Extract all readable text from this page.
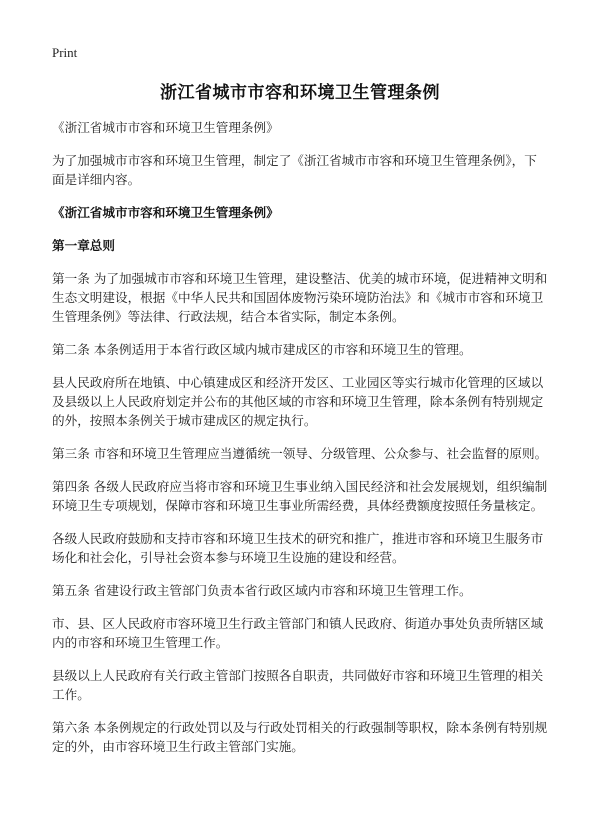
Print
浙江省城市市容和环境卫生管理条例

《浙江省城市市容和环境卫生管理条例》

为了加强城市市容和环境卫生管理，制定了《浙江省城市市容和环境卫生管理条例》，下面是详细内容。

《浙江省城市市容和环境卫生管理条例》

第一章总则

第一条 为了加强城市市容和环境卫生管理，建设整洁、优美的城市环境，促进精神文明和生态文明建设，根据《中华人民共和国固体废物污染环境防治法》和《城市市容和环境卫生管理条例》等法律、行政法规，结合本省实际，制定本条例。

第二条 本条例适用于本省行政区域内城市建成区的市容和环境卫生的管理。

县人民政府所在地镇、中心镇建成区和经济开发区、工业园区等实行城市化管理的区域以及县级以上人民政府划定并公布的其他区域的市容和环境卫生管理，除本条例有特别规定的外，按照本条例关于城市建成区的规定执行。

第三条 市容和环境卫生管理应当遵循统一领导、分级管理、公众参与、社会监督的原则。

第四条 各级人民政府应当将市容和环境卫生事业纳入国民经济和社会发展规划，组织编制环境卫生专项规划，保障市容和环境卫生事业所需经费，具体经费额度按照任务量核定。

各级人民政府鼓励和支持市容和环境卫生技术的研究和推广，推进市容和环境卫生服务市场化和社会化，引导社会资本参与环境卫生设施的建设和经营。

第五条 省建设行政主管部门负责本省行政区域内市容和环境卫生管理工作。

市、县、区人民政府市容环境卫生行政主管部门和镇人民政府、街道办事处负责所辖区域内的市容和环境卫生管理工作。

县级以上人民政府有关行政主管部门按照各自职责，共同做好市容和环境卫生管理的相关工作。

第六条 本条例规定的行政处罚以及与行政处罚相关的行政强制等职权，除本条例有特别规定的外，由市容环境卫生行政主管部门实施。
